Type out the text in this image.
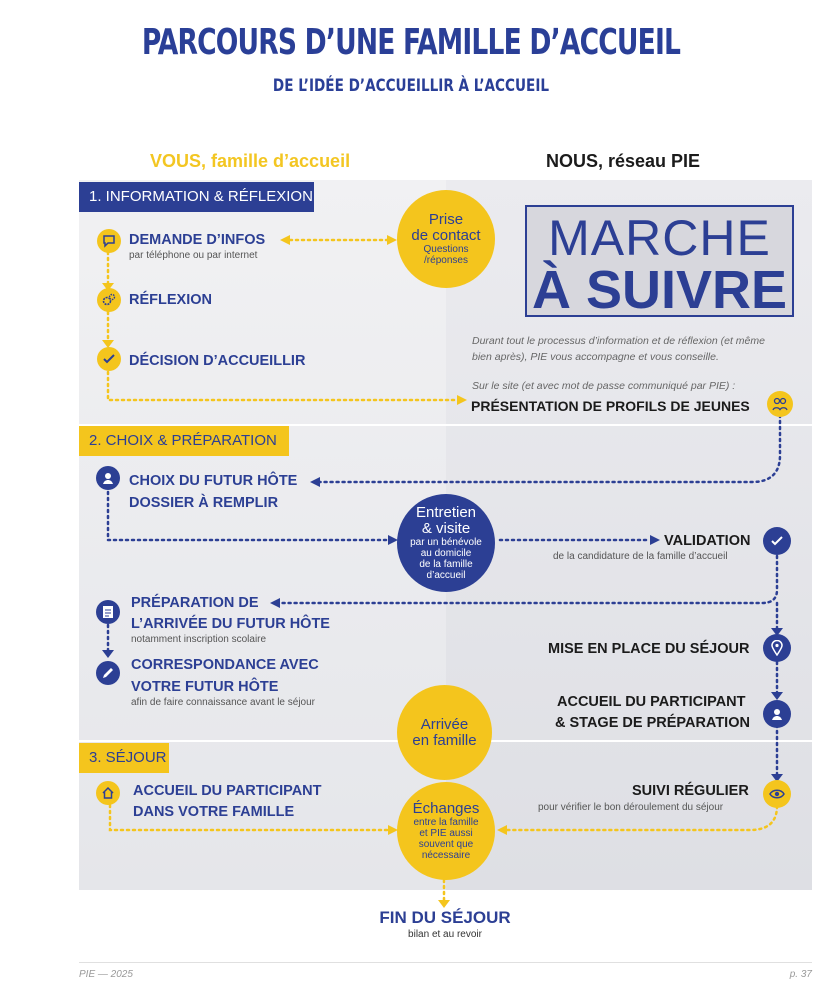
PARCOURS D’UNE FAMILLE D’ACCUEIL
DE L’IDÉE D’ACCUEILLIR À L’ACCUEIL
VOUS, famille d’accueil	NOUS, réseau PIE
1. INFORMATION & RÉFLEXION
2. CHOIX & PRÉPARATION
3. SÉJOUR
DEMANDE D’INFOS
par téléphone ou par internet
RÉFLEXION
DÉCISION D’ACCUEILLIR
CHOIX DU FUTUR HÔTE
DOSSIER À REMPLIR
PRÉPARATION DE
L’ARRIVÉE DU FUTUR HÔTE
notamment inscription scolaire
CORRESPONDANCE AVEC
VOTRE FUTUR HÔTE
afin de faire connaissance avant le séjour
ACCUEIL DU PARTICIPANT
DANS VOTRE FAMILLE
Prise
de contact
Questions
/réponses
Entretien
& visite
par un bénévole
au domicile
de la famille
d’accueil
Arrivée
en famille
Échanges
entre la famille
et PIE aussi
souvent que
nécessaire
MARCHE
À SUIVRE
Durant tout le processus d’information et de réflexion (et même
bien après), PIE vous accompagne et vous conseille.
Sur le site (et avec mot de passe communiqué par PIE) :
PRÉSENTATION DE PROFILS DE JEUNES
VALIDATION
de la candidature de la famille d’accueil
MISE EN PLACE DU SÉJOUR
ACCUEIL DU PARTICIPANT
& STAGE DE PRÉPARATION
SUIVI RÉGULIER
pour vérifier le bon déroulement du séjour
FIN DU SÉJOUR
bilan et au revoir
PIE — 2025	p. 37
